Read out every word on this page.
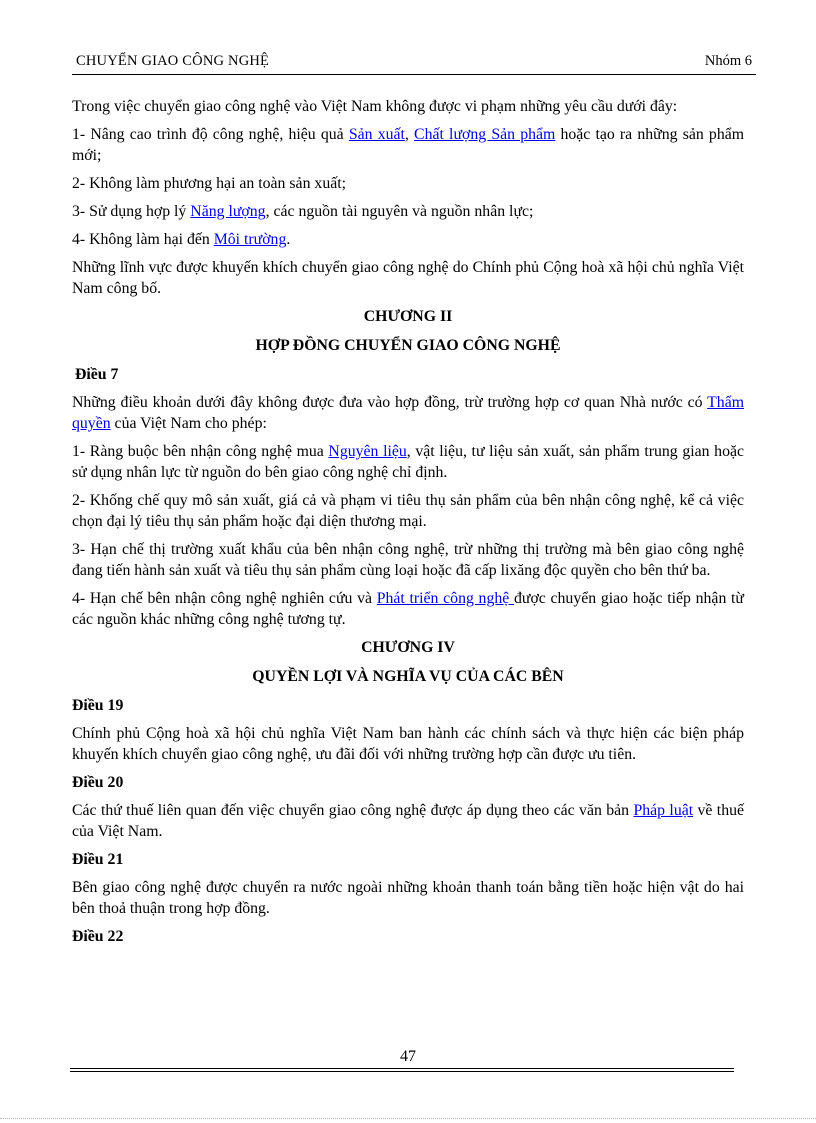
CHUYỂN GIAO CÔNG NGHỆ	Nhóm 6

Trong việc chuyển giao công nghệ vào Việt Nam không được vi phạm những yêu cầu dưới đây:

1- Nâng cao trình độ công nghệ, hiệu quả Sản xuất, Chất lượng Sản phẩm hoặc tạo ra những sản phẩm mới;

2- Không làm phương hại an toàn sản xuất;

3- Sử dụng hợp lý Năng lượng, các nguồn tài nguyên và nguồn nhân lực;

4- Không làm hại đến Môi trường.

Những lĩnh vực được khuyến khích chuyển giao công nghệ do Chính phủ Cộng hoà xã hội chủ nghĩa Việt Nam công bố.

CHƯƠNG II

HỢP ĐỒNG CHUYỂN GIAO CÔNG NGHỆ

Điều 7

Những điều khoản dưới đây không được đưa vào hợp đồng, trừ trường hợp cơ quan Nhà nước có Thẩm quyền của Việt Nam cho phép:

1- Ràng buộc bên nhận công nghệ mua Nguyên liệu, vật liệu, tư liệu sản xuất, sản phẩm trung gian hoặc sử dụng nhân lực từ nguồn do bên giao công nghệ chỉ định.

2- Khống chế quy mô sản xuất, giá cả và phạm vi tiêu thụ sản phẩm của bên nhận công nghệ, kể cả việc chọn đại lý tiêu thụ sản phẩm hoặc đại diện thương mại.

3- Hạn chế thị trường xuất khẩu của bên nhận công nghệ, trừ những thị trường mà bên giao công nghệ đang tiến hành sản xuất và tiêu thụ sản phẩm cùng loại hoặc đã cấp lixăng độc quyền cho bên thứ ba.

4- Hạn chế bên nhận công nghệ nghiên cứu và Phát triển công nghệ được chuyển giao hoặc tiếp nhận từ các nguồn khác những công nghệ tương tự.

CHƯƠNG IV

QUYỀN LỢI VÀ NGHĨA VỤ CỦA CÁC BÊN

Điều 19

Chính phủ Cộng hoà xã hội chủ nghĩa Việt Nam ban hành các chính sách và thực hiện các biện pháp khuyến khích chuyển giao công nghệ, ưu đãi đối với những trường hợp cần được ưu tiên.

Điều 20

Các thứ thuế liên quan đến việc chuyển giao công nghệ được áp dụng theo các văn bản Pháp luật về thuế của Việt Nam.

Điều 21

Bên giao công nghệ được chuyển ra nước ngoài những khoản thanh toán bằng tiền hoặc hiện vật do hai bên thoả thuận trong hợp đồng.

Điều 22

47
